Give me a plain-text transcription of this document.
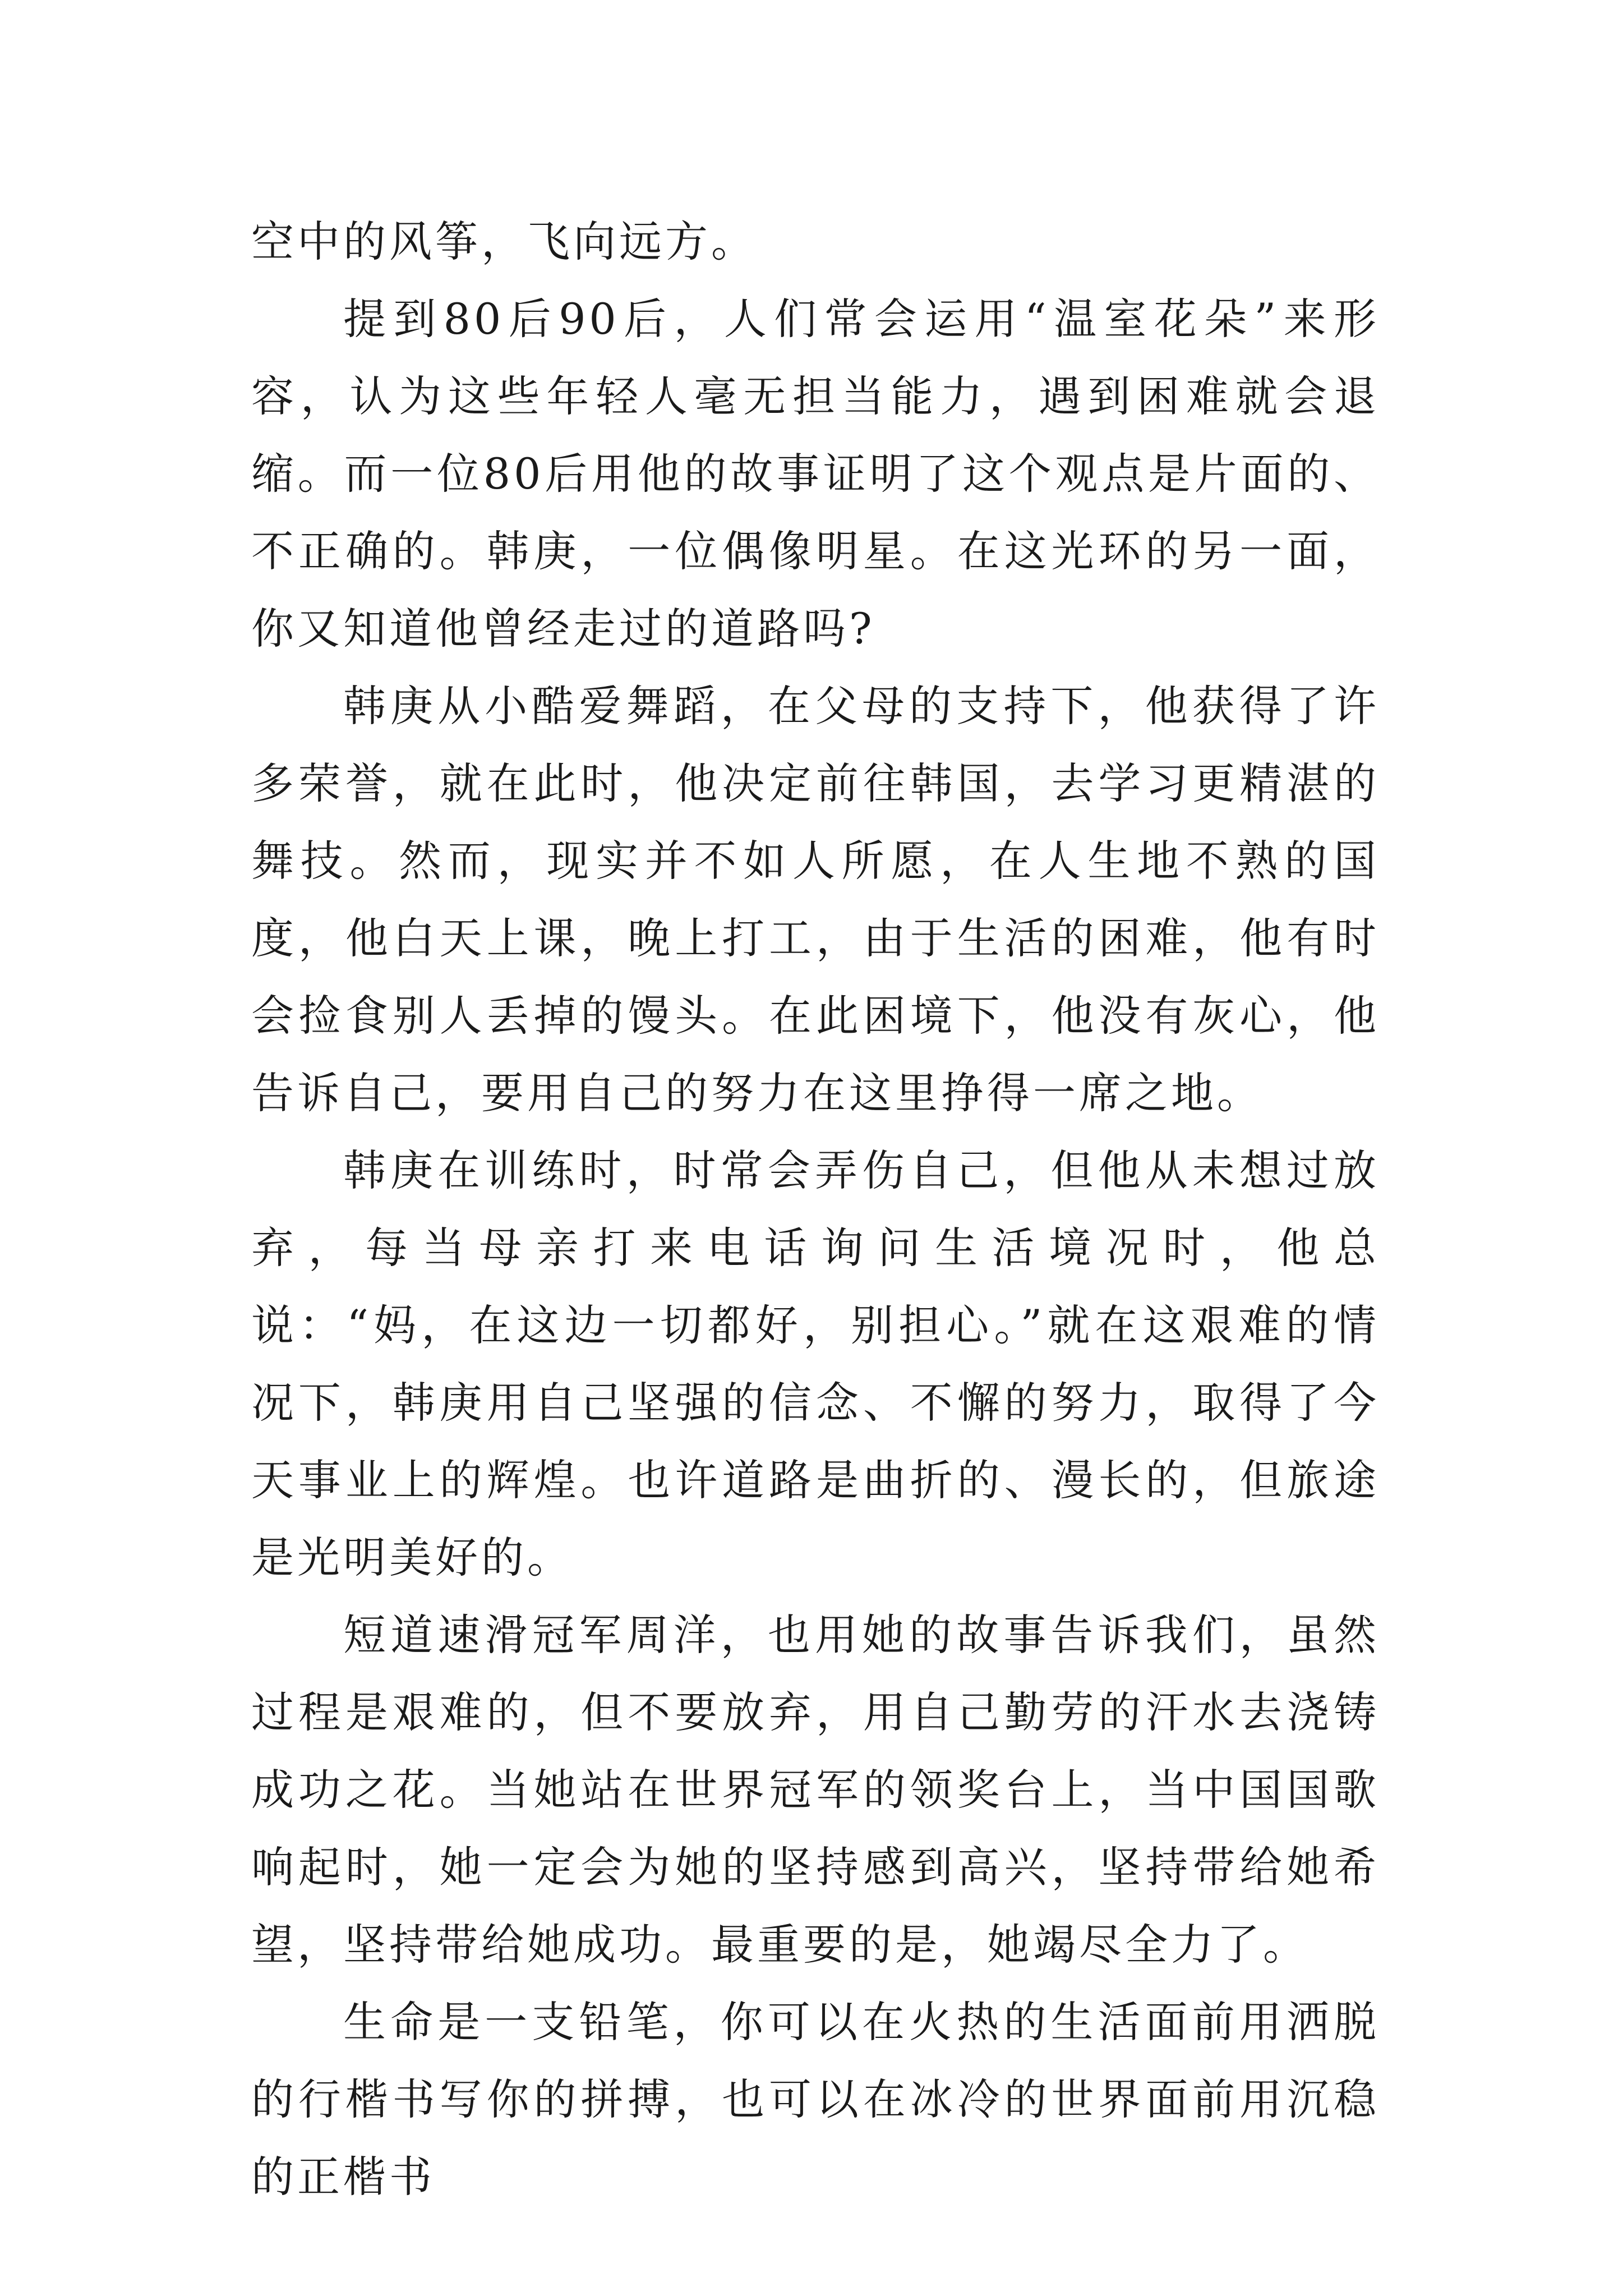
空中的风筝，飞向远方。

提到80后90后，人们常会运用“温室花朵”来形容，认为这些年轻人毫无担当能力，遇到困难就会退缩。而一位80后用他的故事证明了这个观点是片面的、不正确的。韩庚，一位偶像明星。在这光环的另一面，你又知道他曾经走过的道路吗?

韩庚从小酷爱舞蹈，在父母的支持下，他获得了许多荣誉，就在此时，他决定前往韩国，去学习更精湛的舞技。然而，现实并不如人所愿，在人生地不熟的国度，他白天上课，晚上打工，由于生活的困难，他有时会捡食别人丢掉的馒头。在此困境下，他没有灰心，他告诉自己，要用自己的努力在这里挣得一席之地。

韩庚在训练时，时常会弄伤自己，但他从未想过放弃，每当母亲打来电话询问生活境况时，他总说：“妈，在这边一切都好，别担心。”就在这艰难的情况下，韩庚用自己坚强的信念、不懈的努力，取得了今天事业上的辉煌。也许道路是曲折的、漫长的，但旅途是光明美好的。

短道速滑冠军周洋，也用她的故事告诉我们，虽然过程是艰难的，但不要放弃，用自己勤劳的汗水去浇铸成功之花。当她站在世界冠军的领奖台上，当中国国歌响起时，她一定会为她的坚持感到高兴，坚持带给她希望，坚持带给她成功。最重要的是，她竭尽全力了。

生命是一支铅笔，你可以在火热的生活面前用洒脱的行楷书写你的拼搏，也可以在冰冷的世界面前用沉稳的正楷书
